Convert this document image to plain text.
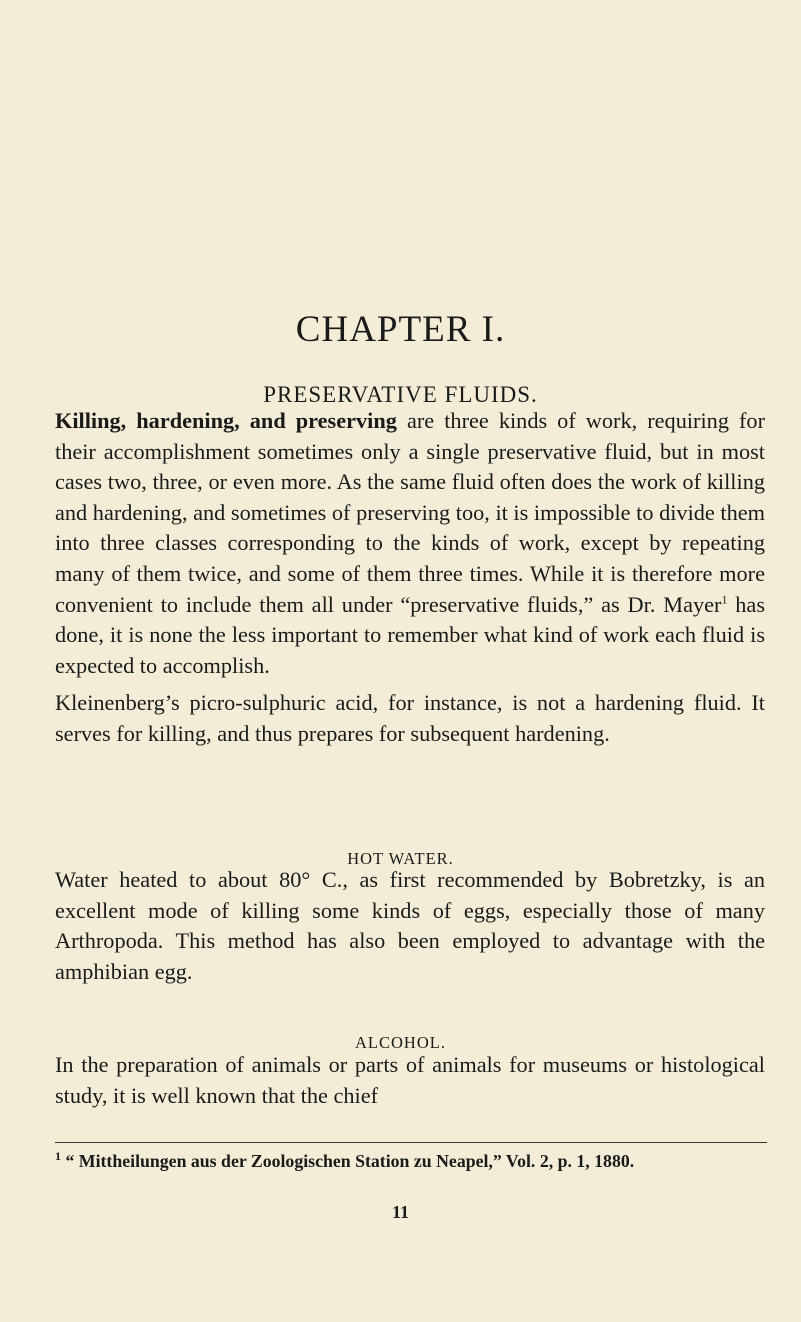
CHAPTER I.
PRESERVATIVE FLUIDS.
Killing, hardening, and preserving are three kinds of work, requiring for their accomplishment sometimes only a single preservative fluid, but in most cases two, three, or even more. As the same fluid often does the work of killing and hardening, and sometimes of preserving too, it is impossible to divide them into three classes corresponding to the kinds of work, except by repeating many of them twice, and some of them three times. While it is therefore more convenient to include them all under “preservative fluids,” as Dr. Mayer$^1$ has done, it is none the less important to remember what kind of work each fluid is expected to accomplish.
Kleinenberg’s picro-sulphuric acid, for instance, is not a hardening fluid. It serves for killing, and thus prepares for subsequent hardening.
HOT WATER.
Water heated to about 80° C., as first recommended by Bobretzky, is an excellent mode of killing some kinds of eggs, especially those of many Arthropoda. This method has also been employed to advantage with the amphibian egg.
ALCOHOL.
In the preparation of animals or parts of animals for museums or histological study, it is well known that the chief
$^1$ “ Mittheilungen aus der Zoologischen Station zu Neapel,” Vol. 2, p. 1, 1880.
11
